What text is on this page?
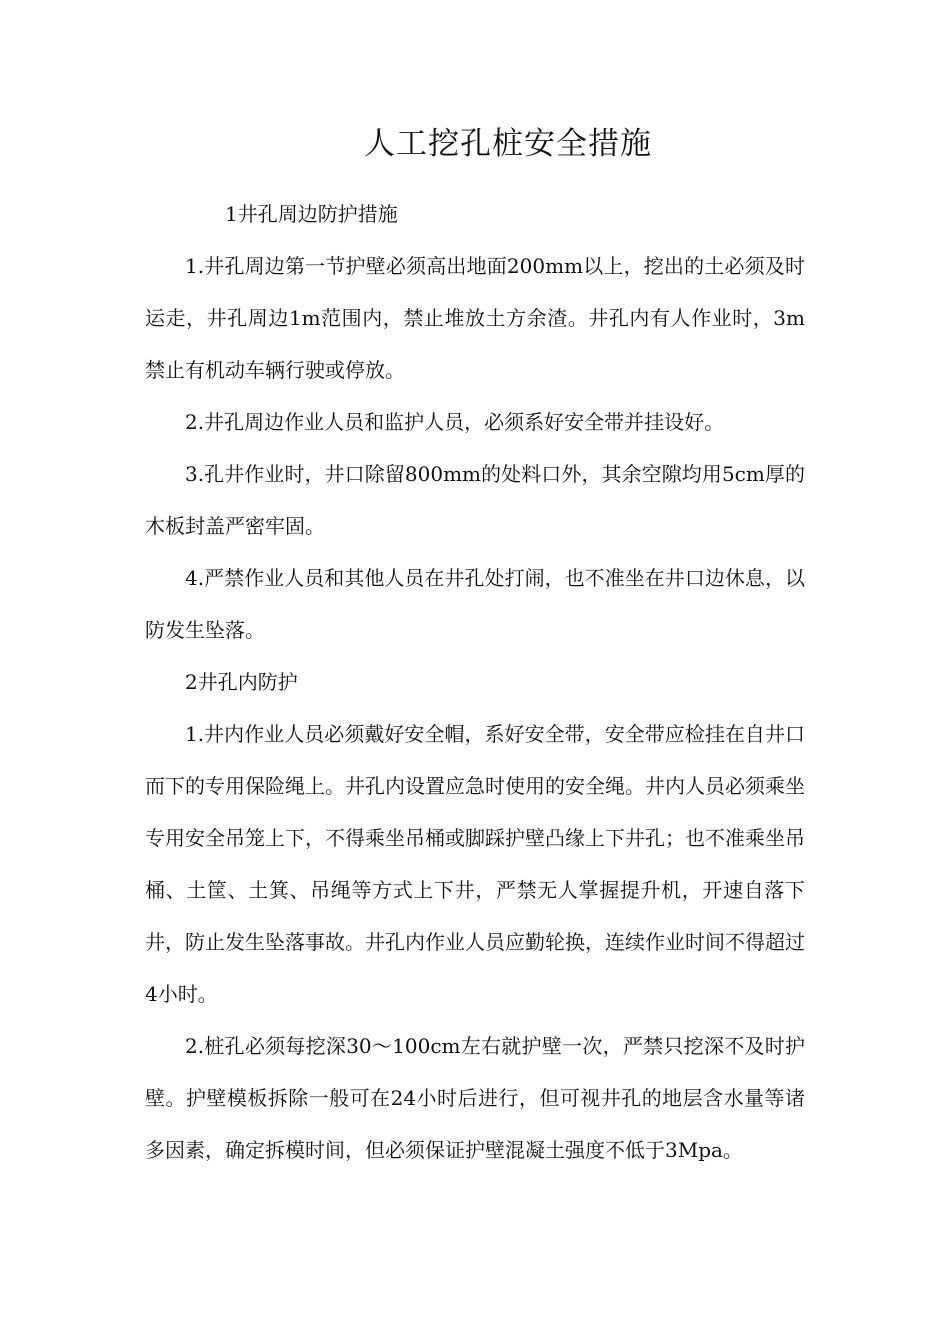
人工挖孔桩安全措施

1井孔周边防护措施

1.井孔周边第一节护壁必须高出地面200mm以上，挖出的土必须及时运走，井孔周边1m范围内，禁止堆放土方余渣。井孔内有人作业时，3m禁止有机动车辆行驶或停放。

2.井孔周边作业人员和监护人员，必须系好安全带并挂设好。

3.孔井作业时，井口除留800mm的处料口外，其余空隙均用5cm厚的木板封盖严密牢固。

4.严禁作业人员和其他人员在井孔处打闹，也不准坐在井口边休息，以防发生坠落。

2井孔内防护

1.井内作业人员必须戴好安全帽，系好安全带，安全带应检挂在自井口而下的专用保险绳上。井孔内设置应急时使用的安全绳。井内人员必须乘坐专用安全吊笼上下，不得乘坐吊桶或脚踩护壁凸缘上下井孔；也不准乘坐吊桶、土筐、土箕、吊绳等方式上下井，严禁无人掌握提升机，开速自落下井，防止发生坠落事故。井孔内作业人员应勤轮换，连续作业时间不得超过4小时。

2.桩孔必须每挖深30～100cm左右就护壁一次，严禁只挖深不及时护壁。护壁模板拆除一般可在24小时后进行，但可视井孔的地层含水量等诸多因素，确定拆模时间，但必须保证护壁混凝土强度不低于3Mpa。
